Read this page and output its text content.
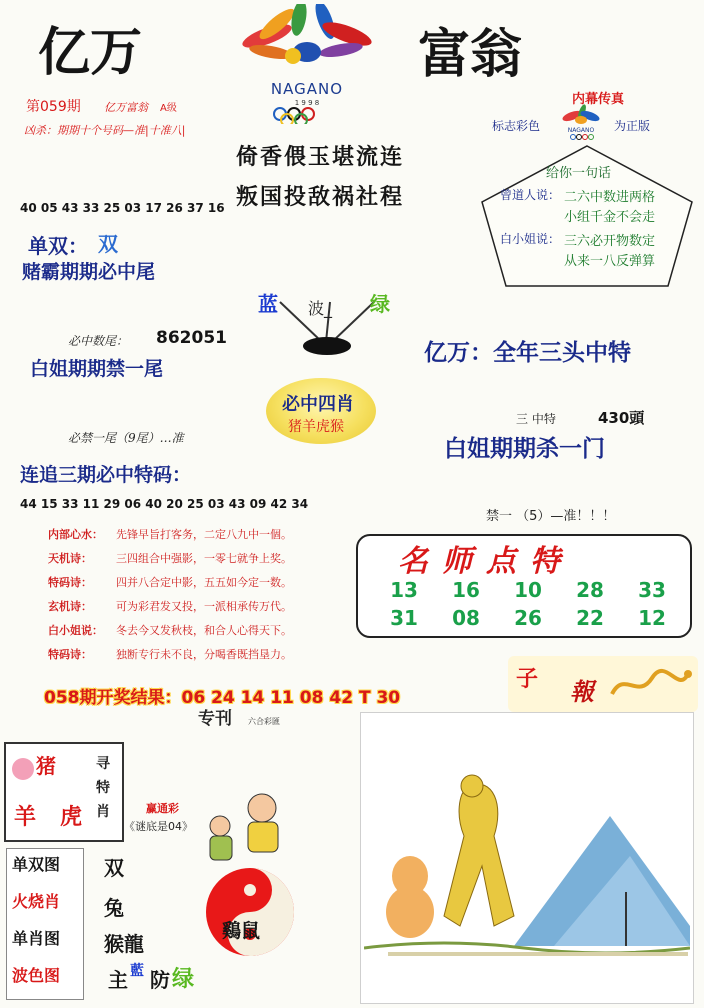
亿万	富翁
NAGANO
1 9 9 8
第059期 亿万富翁 A级
凶杀：期期十个号码—准|十准八|
倚香偎玉堪流连
叛国投敌祸社程
内幕传真
标志彩色	NAGANO 为正版
给你一句话
曾道人说： 二六中数进两格
小组千金不会走
白小姐说： 三六必开物数定
从来一八反弹算
40 05 43 33 25 03 17 26 37 16
单双： 双
赌霸期期必中尾
蓝 波_ 绿
必中数尾： 862051
白姐期期禁一尾
亿万：全年三头中特
必中四肖
猪羊虎猴	三 中特	430頭
白姐期期杀一门
必禁一尾（9尾）…准
连追三期必中特码：
44 15 33 11 29 06 40 20 25 03 43 09 42 34
禁一 （5）—准！！！
内部心水： 先锋早旨打客务，二定八九中一個。
天机诗： 三四组合中强影，一零七就争上奖。
特码诗： 四并八合定中影，五五如今定一数。
玄机诗： 可为彩君发又投，一派相承传万代。
白小姐说： 冬去今又发秋枝，和合人心得天下。
特码诗： 独断专行未不良，分喝香既挡垦力。
名师点特
13	16	10	28	33
31	08	26	22	12
058期开奖结果：06 24 14 11 08 42 T 30
专刊 六合彩匯
猪
羊 虎
寻特肖	赢通彩
《谜底是04》
单双图
火烧肖
单肖图
波色图
双
兔
猴龍
鷄鼠
主 藍 防 绿
子 報
